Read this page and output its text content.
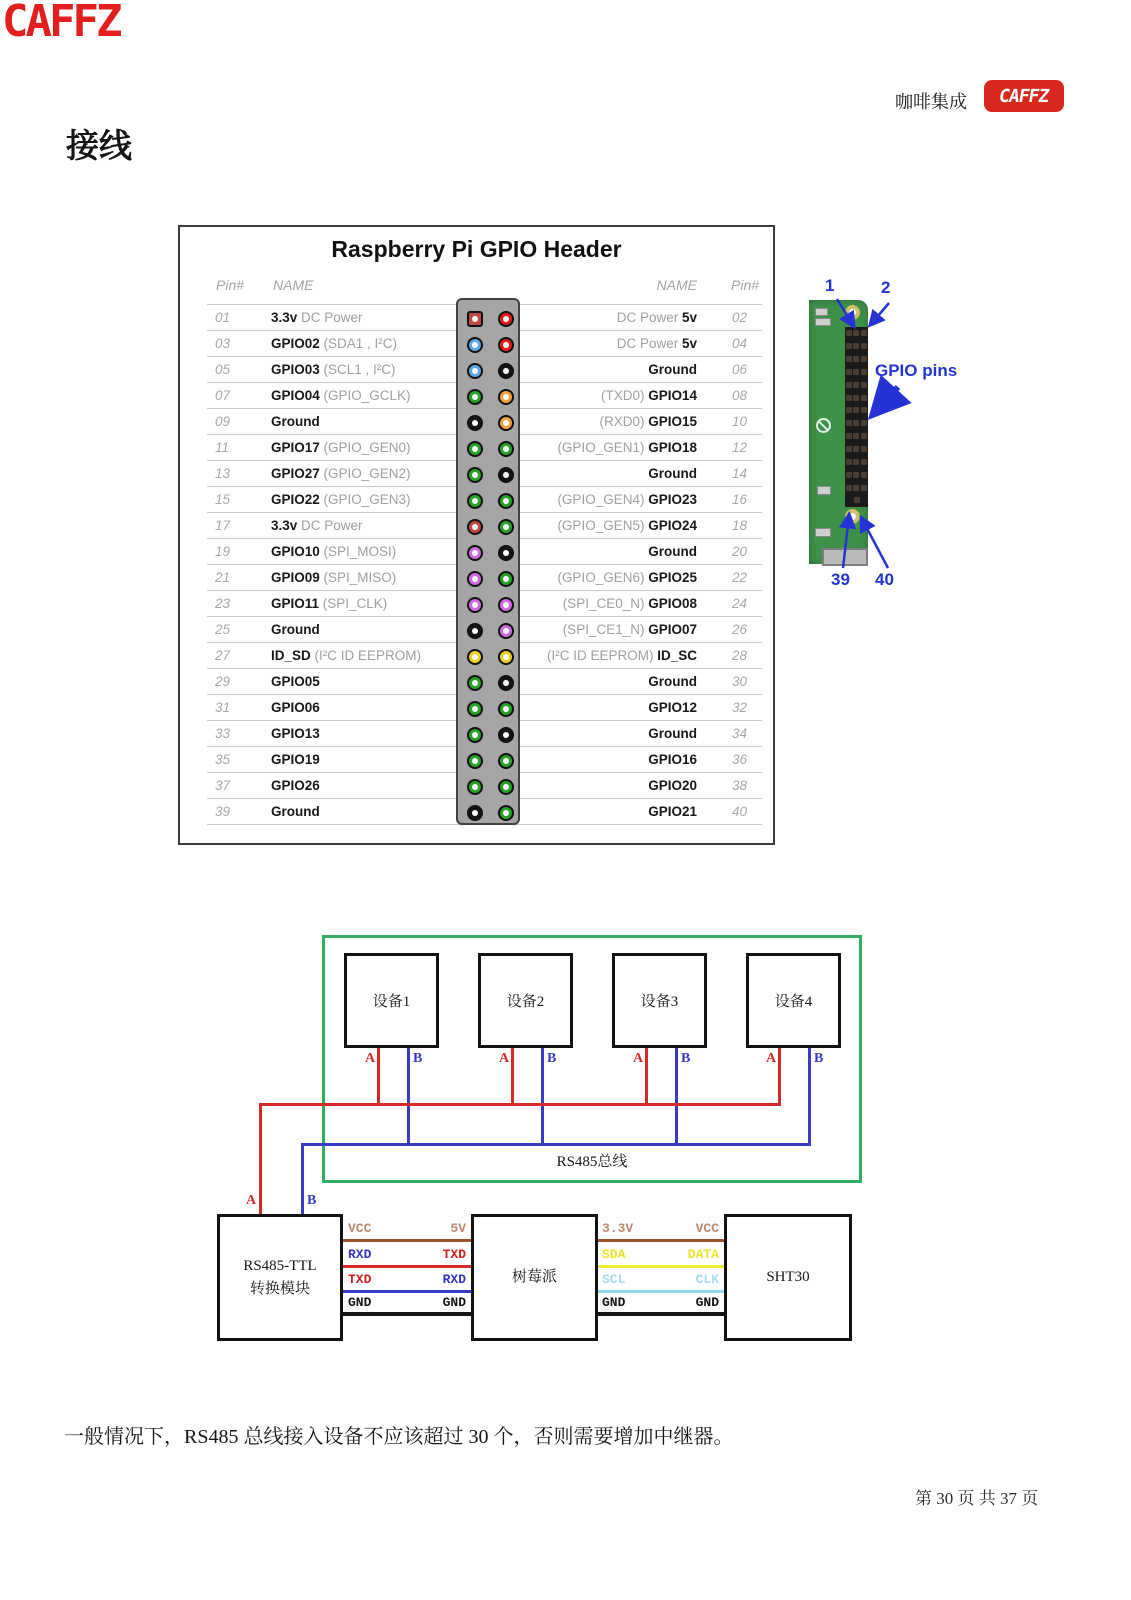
CAFFZ
咖啡集成 CAFFZ
接线
Raspberry Pi GPIO Header
Pin# NAME	NAME Pin#
01	3.3v DC Power	DC Power 5v	02
03	GPIO02 (SDA1 , I²C)	DC Power 5v	04
05	GPIO03 (SCL1 , I²C)	Ground	06
07	GPIO04 (GPIO_GCLK)	(TXD0) GPIO14	08
09	Ground	(RXD0) GPIO15	10
11	GPIO17 (GPIO_GEN0)	(GPIO_GEN1) GPIO18	12
13	GPIO27 (GPIO_GEN2)	Ground	14
15	GPIO22 (GPIO_GEN3)	(GPIO_GEN4) GPIO23	16
17	3.3v DC Power	(GPIO_GEN5) GPIO24	18
19	GPIO10 (SPI_MOSI)	Ground	20
21	GPIO09 (SPI_MISO)	(GPIO_GEN6) GPIO25	22
23	GPIO11 (SPI_CLK)	(SPI_CE0_N) GPIO08	24
25	Ground	(SPI_CE1_N) GPIO07	26
27	ID_SD (I²C ID EEPROM)	(I²C ID EEPROM) ID_SC	28
29	GPIO05	Ground	30
31	GPIO06	GPIO12	32
33	GPIO13	Ground	34
35	GPIO19	GPIO16	36
37	GPIO26	GPIO20	38
39	Ground	GPIO21	40
1	2
GPIO pins
39 40
RS485总线
设备1
A	B
设备2
A	B
设备3
A	B
设备4
A	B
A	B
RS485-TTL
转换模块
树莓派	SHT30
VCC	5V
RXD	TXD
TXD	RXD
GND	GND
3.3V	VCC
SDA	DATA
SCL	CLK
GND	GND
一般情况下，RS485 总线接入设备不应该超过 30 个，否则需要增加中继器。
第 30 页 共 37 页
